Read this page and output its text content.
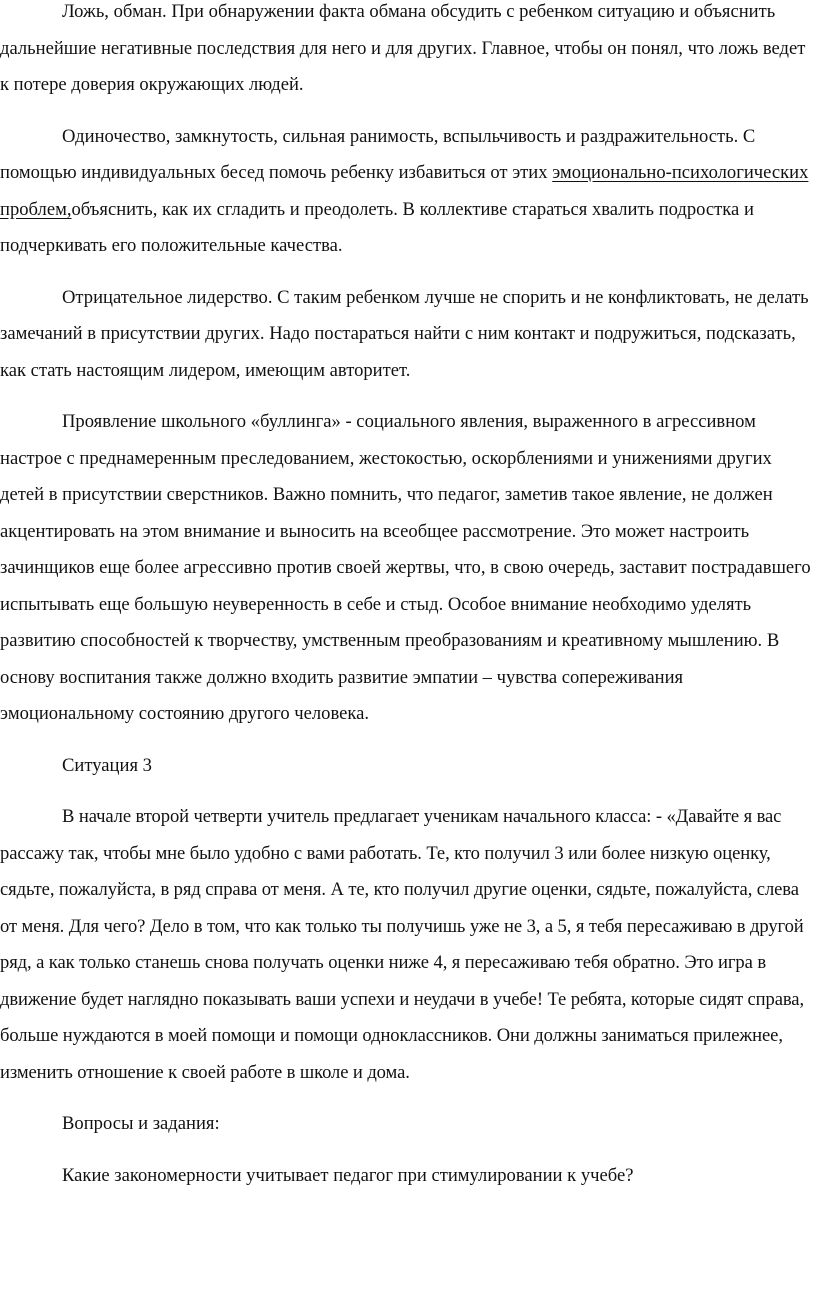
Ложь, обман. При обнаружении факта обмана обсудить с ребенком ситуацию и объяснить дальнейшие негативные последствия для него и для других. Главное, чтобы он понял, что ложь ведет к потере доверия окружающих людей.

Одиночество, замкнутость, сильная ранимость, вспыльчивость и раздражительность. С помощью индивидуальных бесед помочь ребенку избавиться от этих эмоционально-психологических проблем,объяснить, как их сгладить и преодолеть. В коллективе стараться хвалить подростка и подчеркивать его положительные качества.

Отрицательное лидерство. С таким ребенком лучше не спорить и не конфликтовать, не делать замечаний в присутствии других. Надо постараться найти с ним контакт и подружиться, подсказать, как стать настоящим лидером, имеющим авторитет.

Проявление школьного «буллинга» - социального явления, выраженного в агрессивном настрое с преднамеренным преследованием, жестокостью, оскорблениями и унижениями других детей в присутствии сверстников. Важно помнить, что педагог, заметив такое явление, не должен акцентировать на этом внимание и выносить на всеобщее рассмотрение. Это может настроить зачинщиков еще более агрессивно против своей жертвы, что, в свою очередь, заставит пострадавшего испытывать еще большую неуверенность в себе и стыд. Особое внимание необходимо уделять развитию способностей к творчеству, умственным преобразованиям и креативному мышлению. В основу воспитания также должно входить развитие эмпатии – чувства сопереживания эмоциональному состоянию другого человека.

Ситуация 3

В начале второй четверти учитель предлагает ученикам начального класса: - «Давайте я вас рассажу так, чтобы мне было удобно с вами работать. Те, кто получил 3 или более низкую оценку, сядьте, пожалуйста, в ряд справа от меня. А те, кто получил другие оценки, сядьте, пожалуйста, слева от меня. Для чего? Дело в том, что как только ты получишь уже не 3, а 5, я тебя пересаживаю в другой ряд, а как только станешь снова получать оценки ниже 4, я пересаживаю тебя обратно. Это игра в движение будет наглядно показывать ваши успехи и неудачи в учебе! Те ребята, которые сидят справа, больше нуждаются в моей помощи и помощи одноклассников. Они должны заниматься прилежнее, изменить отношение к своей работе в школе и дома.

Вопросы и задания:

Какие закономерности учитывает педагог при стимулировании к учебе?
